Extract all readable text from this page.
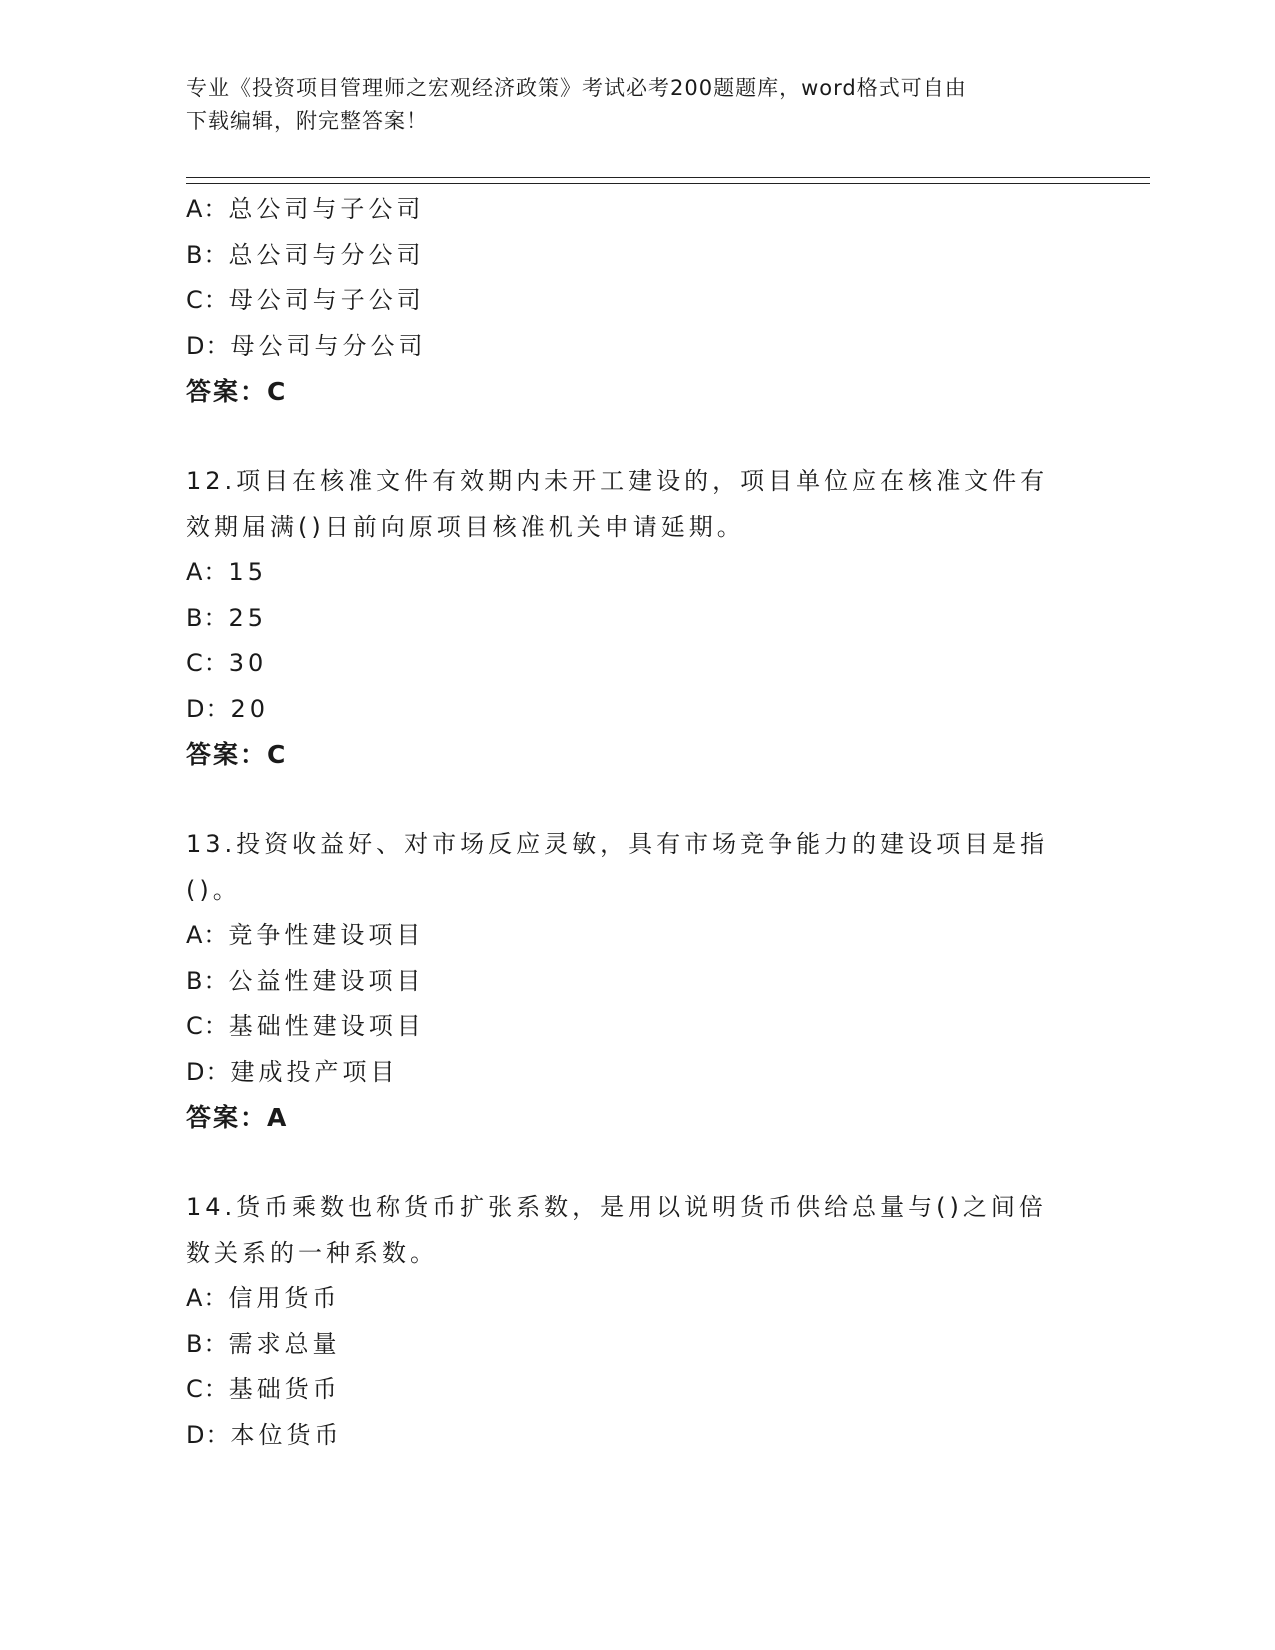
专业《投资项目管理师之宏观经济政策》考试必考200题题库，word格式可自由
下载编辑，附完整答案！
A：总公司与子公司
B：总公司与分公司
C：母公司与子公司
D：母公司与分公司
答案：C
12.项目在核准文件有效期内未开工建设的，项目单位应在核准文件有
效期届满()日前向原项目核准机关申请延期。
A：15
B：25
C：30
D：20
答案：C
13.投资收益好、对市场反应灵敏，具有市场竞争能力的建设项目是指
()。
A：竞争性建设项目
B：公益性建设项目
C：基础性建设项目
D：建成投产项目
答案：A
14.货币乘数也称货币扩张系数，是用以说明货币供给总量与()之间倍
数关系的一种系数。
A：信用货币
B：需求总量
C：基础货币
D：本位货币
